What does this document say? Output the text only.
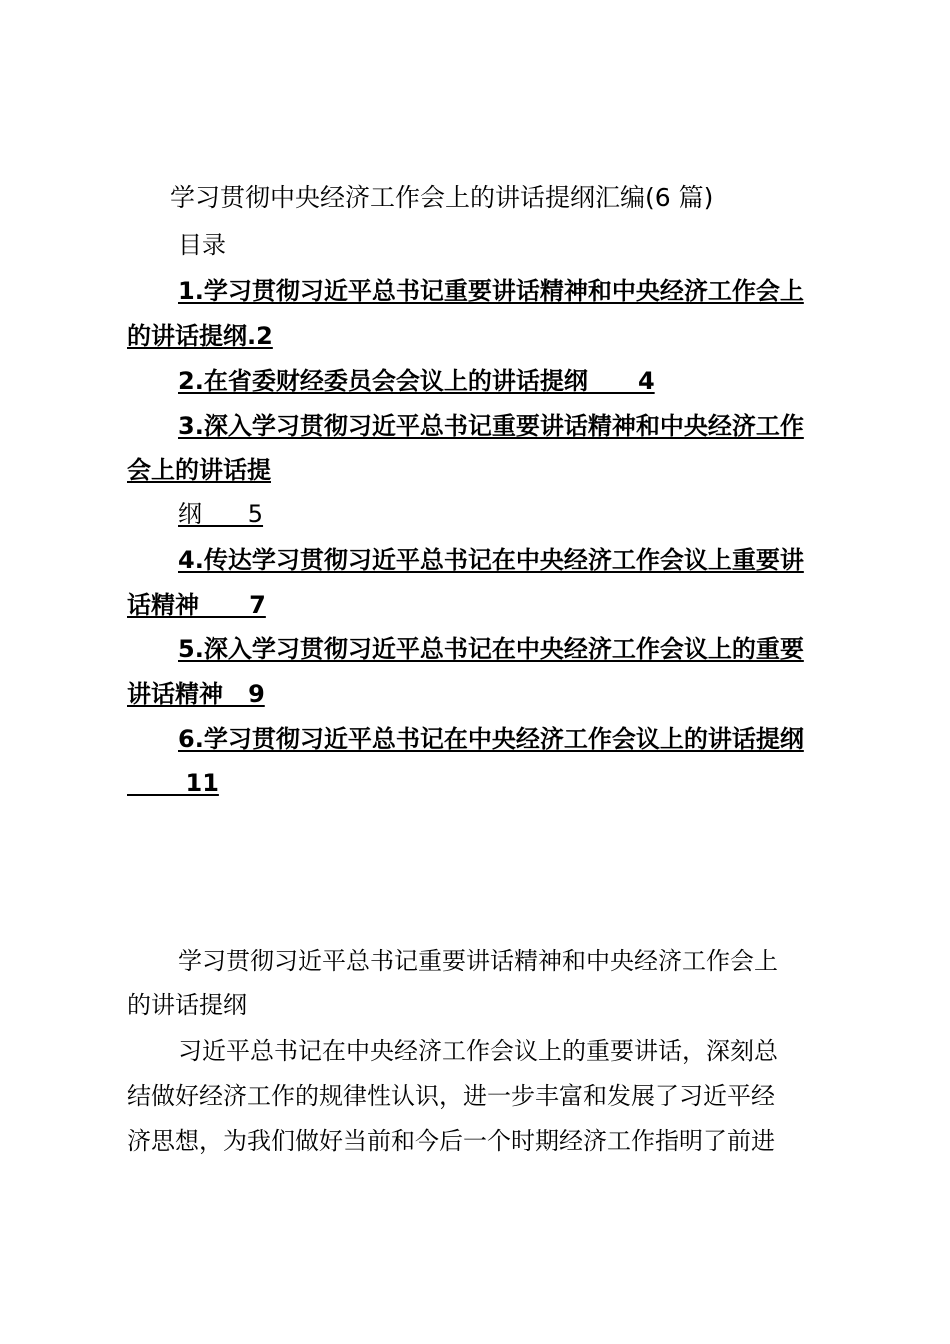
学习贯彻中央经济工作会上的讲话提纲汇编(6 篇)
目录
1.学习贯彻习近平总书记重要讲话精神和中央经济工作会上
的讲话提纲.2
2.在省委财经委员会会议上的讲话提纲      4
3.深入学习贯彻习近平总书记重要讲话精神和中央经济工作
会上的讲话提
纲      5
4.传达学习贯彻习近平总书记在中央经济工作会议上重要讲
话精神      7
5.深入学习贯彻习近平总书记在中央经济工作会议上的重要
讲话精神   9
6.学习贯彻习近平总书记在中央经济工作会议上的讲话提纲
11
学习贯彻习近平总书记重要讲话精神和中央经济工作会上
的讲话提纲
习近平总书记在中央经济工作会议上的重要讲话，深刻总
结做好经济工作的规律性认识，进一步丰富和发展了习近平经
济思想，为我们做好当前和今后一个时期经济工作指明了前进
